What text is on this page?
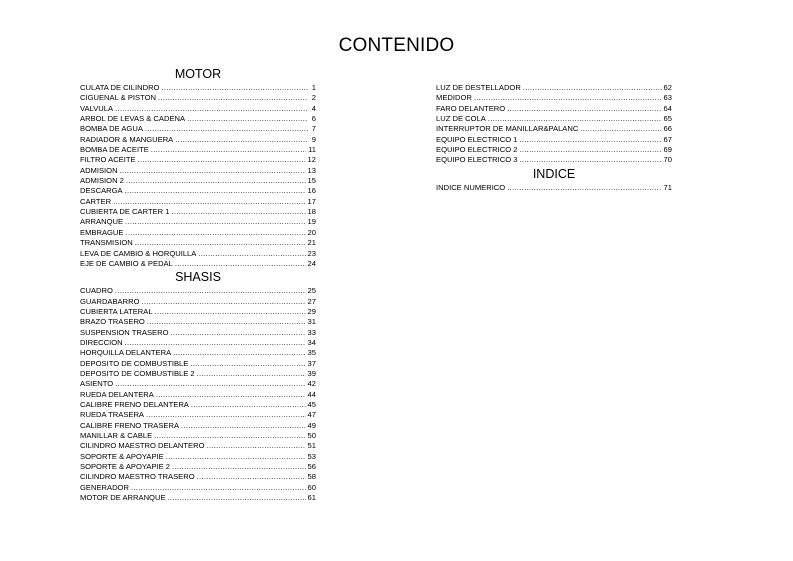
CONTENIDO
MOTOR
CULATA DE CILINDRO .....	1
CIGUENAL & PISTON .....	2
VALVULA .....	4
ARBOL DE LEVAS & CADENA .....	6
BOMBA DE AGUA .....	7
RADIADOR & MANGUERA .....	9
BOMBA DE ACEITE .....	11
FILTRO ACEITE .....	12
ADMISION .....	13
ADMISION 2 .....	15
DESCARGA .....	16
CARTER .....	17
CUBIERTA DE CARTER 1 .....	18
ARRANQUE .....	19
EMBRAGUE .....	20
TRANSMISION .....	21
LEVA DE CAMBIO & HORQUILLA .....	23
EJE DE CAMBIO & PEDAL .....	24
SHASIS
CUADRO .....	25
GUARDABARRO .....	27
CUBIERTA LATERAL .....	29
BRAZO TRASERO .....	31
SUSPENSION TRASERO .....	33
DIRECCION .....	34
HORQUILLA DELANTERA .....	35
DEPOSITO DE COMBUSTIBLE .....	37
DEPOSITO DE COMBUSTIBLE 2 .....	39
ASIENTO .....	42
RUEDA DELANTERA .....	44
CALIBRE FRENO DELANTERA .....	45
RUEDA TRASERA .....	47
CALIBRE FRENO TRASERA .....	49
MANILLAR & CABLE .....	50
CILINDRO MAESTRO DELANTERO .....	51
SOPORTE & APOYAPIE .....	53
SOPORTE & APOYAPIE 2 .....	56
CILINDRO MAESTRO TRASERO .....	58
GENERADOR .....	60
MOTOR DE ARRANQUE .....	61
LUZ DE DESTELLADOR .....	62
MEDIDOR .....	63
FARO DELANTERO .....	64
LUZ DE COLA .....	65
INTERRUPTOR DE MANILLAR&PALANC .....	66
EQUIPO ELECTRICO 1 .....	67
EQUIPO ELECTRICO 2 .....	69
EQUIPO ELECTRICO 3 .....	70
INDICE
INDICE NUMERICO .....	71
